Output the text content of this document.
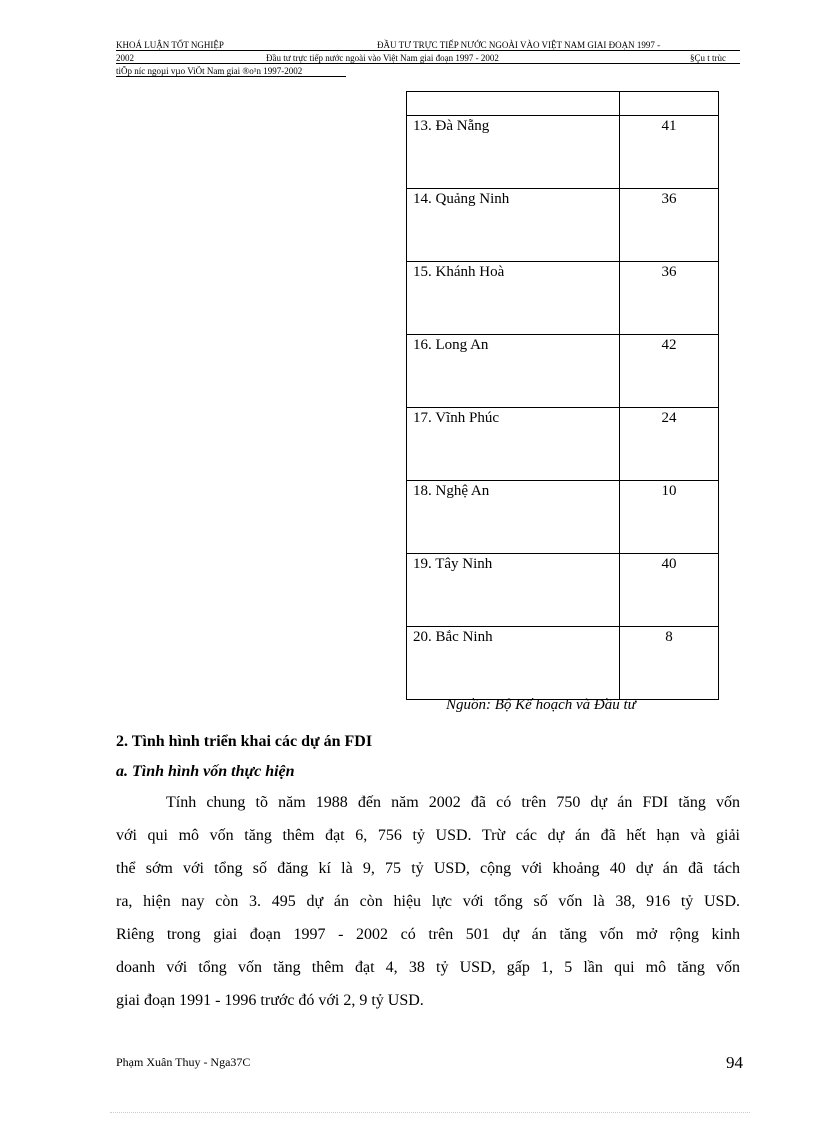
KHOÁ LUẬN TỐT NGHIỆP	ĐẦU TƯ TRỰC TIẾP NƯỚC NGOÀI VÀO VIỆT NAM GIAI ĐOẠN 1997 -
2002	Đầu tư trực tiếp nước ngoài vào Việt Nam giai đoạn 1997 - 2002	§Çu t trùc
tiÕp níc ngoµi vµo ViÖt Nam giai ®o¹n 1997-2002

13. Đà Nẵng	41
14. Quảng Ninh	36
15. Khánh Hoà	36
16. Long An	42
17. Vĩnh Phúc	24
18. Nghệ An	10
19. Tây Ninh	40
20. Bắc Ninh	8
Nguồn: Bộ Kế hoạch và Đầu tư
2. Tình hình triển khai các dự án FDI
a. Tình hình vốn thực hiện
Tính chung tõ năm 1988 đến năm 2002 đã có trên 750 dự án FDI tăng vốn
với qui mô vốn tăng thêm đạt 6, 756 tỷ USD. Trừ các dự án đã hết hạn và giải
thể sớm với tổng số đăng kí là 9, 75 tỷ USD, cộng với khoảng 40 dự án đã tách
ra, hiện nay còn 3. 495 dự án còn hiệu lực với tổng số vốn là 38, 916 tỷ USD.
Riêng trong giai đoạn 1997 - 2002 có trên 501 dự án tăng vốn mở rộng kinh
doanh với tổng vốn tăng thêm đạt 4, 38 tỷ USD, gấp 1, 5 lần qui mô tăng vốn
giai đoạn 1991 - 1996 trước đó với 2, 9 tỷ USD.
Phạm Xuân Thuy - Nga37C	94
